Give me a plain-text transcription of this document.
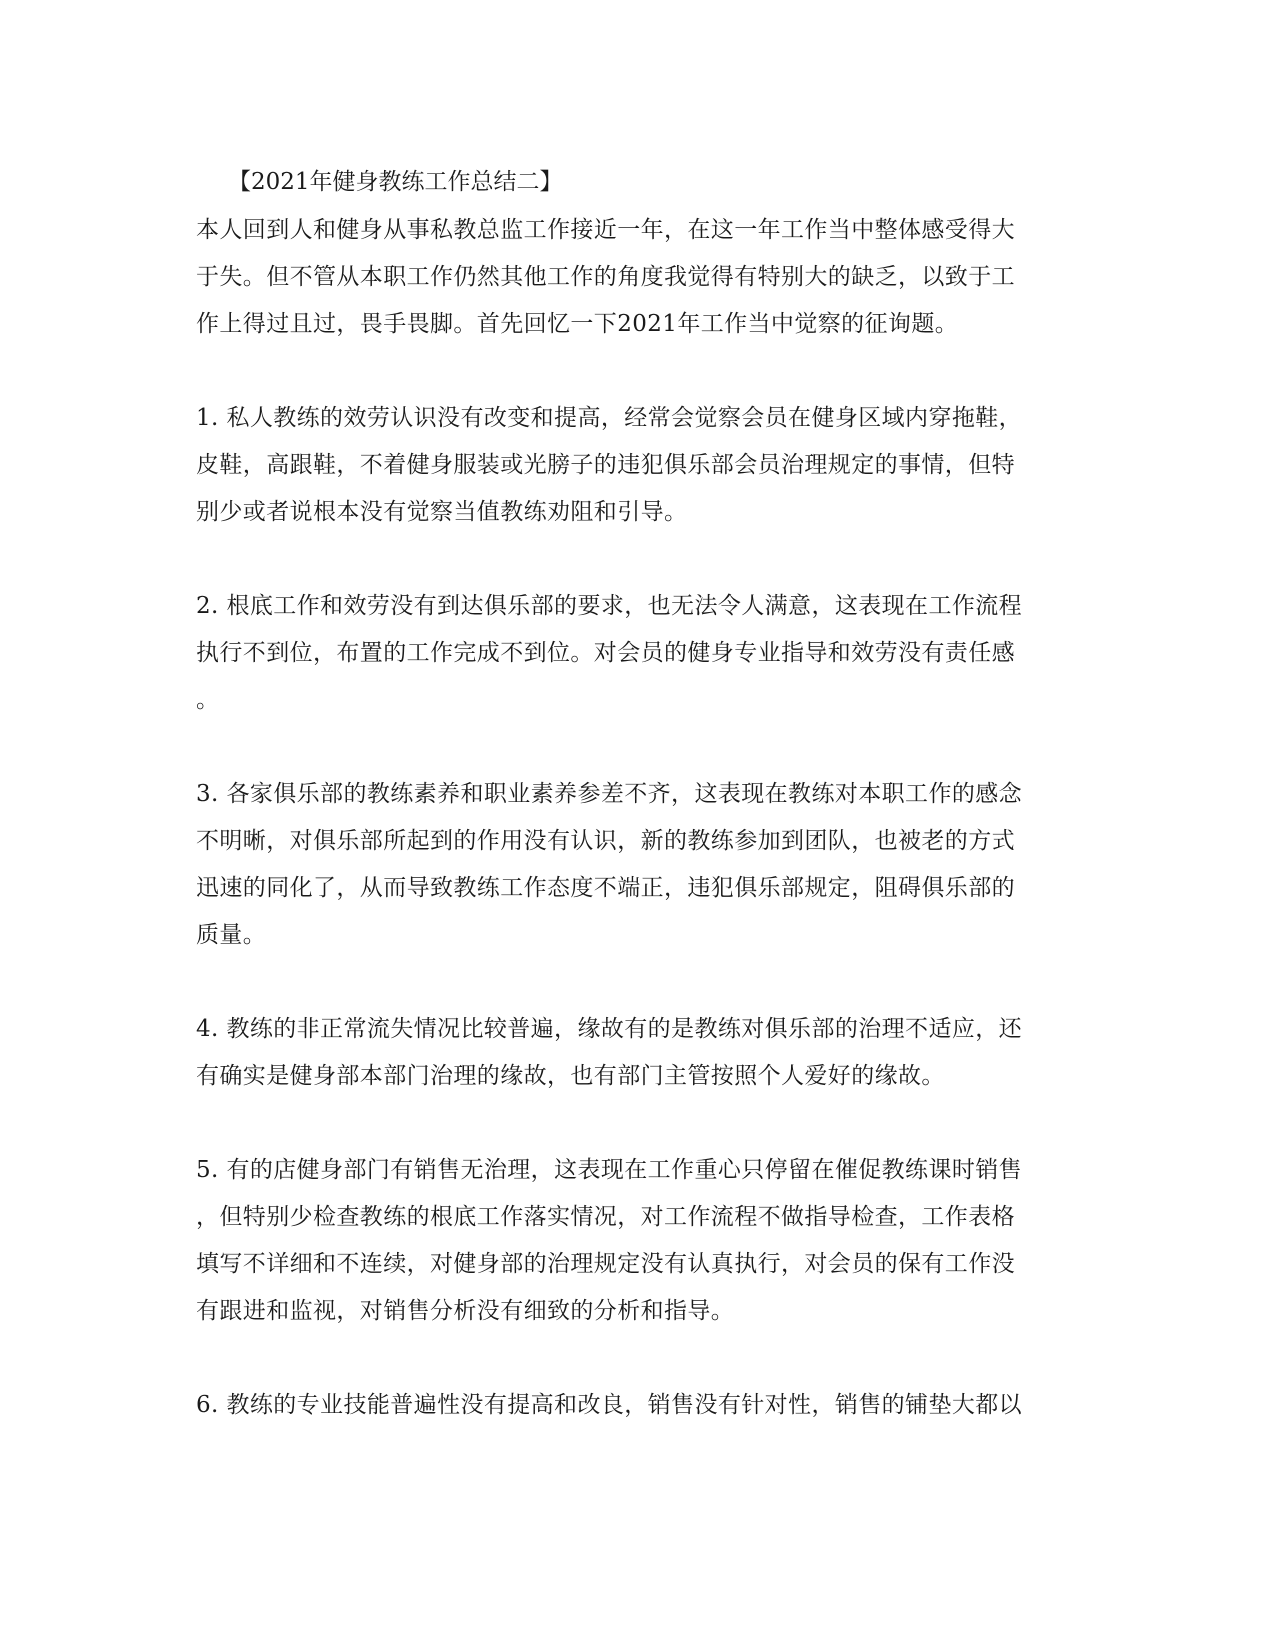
【2021年健身教练工作总结二】
本人回到人和健身从事私教总监工作接近一年，在这一年工作当中整体感受得大
于失。但不管从本职工作仍然其他工作的角度我觉得有特别大的缺乏，以致于工
作上得过且过，畏手畏脚。首先回忆一下2021年工作当中觉察的征询题。
1. 私人教练的效劳认识没有改变和提高，经常会觉察会员在健身区域内穿拖鞋，
皮鞋，高跟鞋，不着健身服装或光膀子的违犯俱乐部会员治理规定的事情，但特
别少或者说根本没有觉察当值教练劝阻和引导。
2. 根底工作和效劳没有到达俱乐部的要求，也无法令人满意，这表现在工作流程
执行不到位，布置的工作完成不到位。对会员的健身专业指导和效劳没有责任感
。
3. 各家俱乐部的教练素养和职业素养参差不齐，这表现在教练对本职工作的感念
不明晰，对俱乐部所起到的作用没有认识，新的教练参加到团队，也被老的方式
迅速的同化了，从而导致教练工作态度不端正，违犯俱乐部规定，阻碍俱乐部的
质量。
4. 教练的非正常流失情况比较普遍，缘故有的是教练对俱乐部的治理不适应，还
有确实是健身部本部门治理的缘故，也有部门主管按照个人爱好的缘故。
5. 有的店健身部门有销售无治理，这表现在工作重心只停留在催促教练课时销售
，但特别少检查教练的根底工作落实情况，对工作流程不做指导检查，工作表格
填写不详细和不连续，对健身部的治理规定没有认真执行，对会员的保有工作没
有跟进和监视，对销售分析没有细致的分析和指导。
6. 教练的专业技能普遍性没有提高和改良，销售没有针对性，销售的铺垫大都以
